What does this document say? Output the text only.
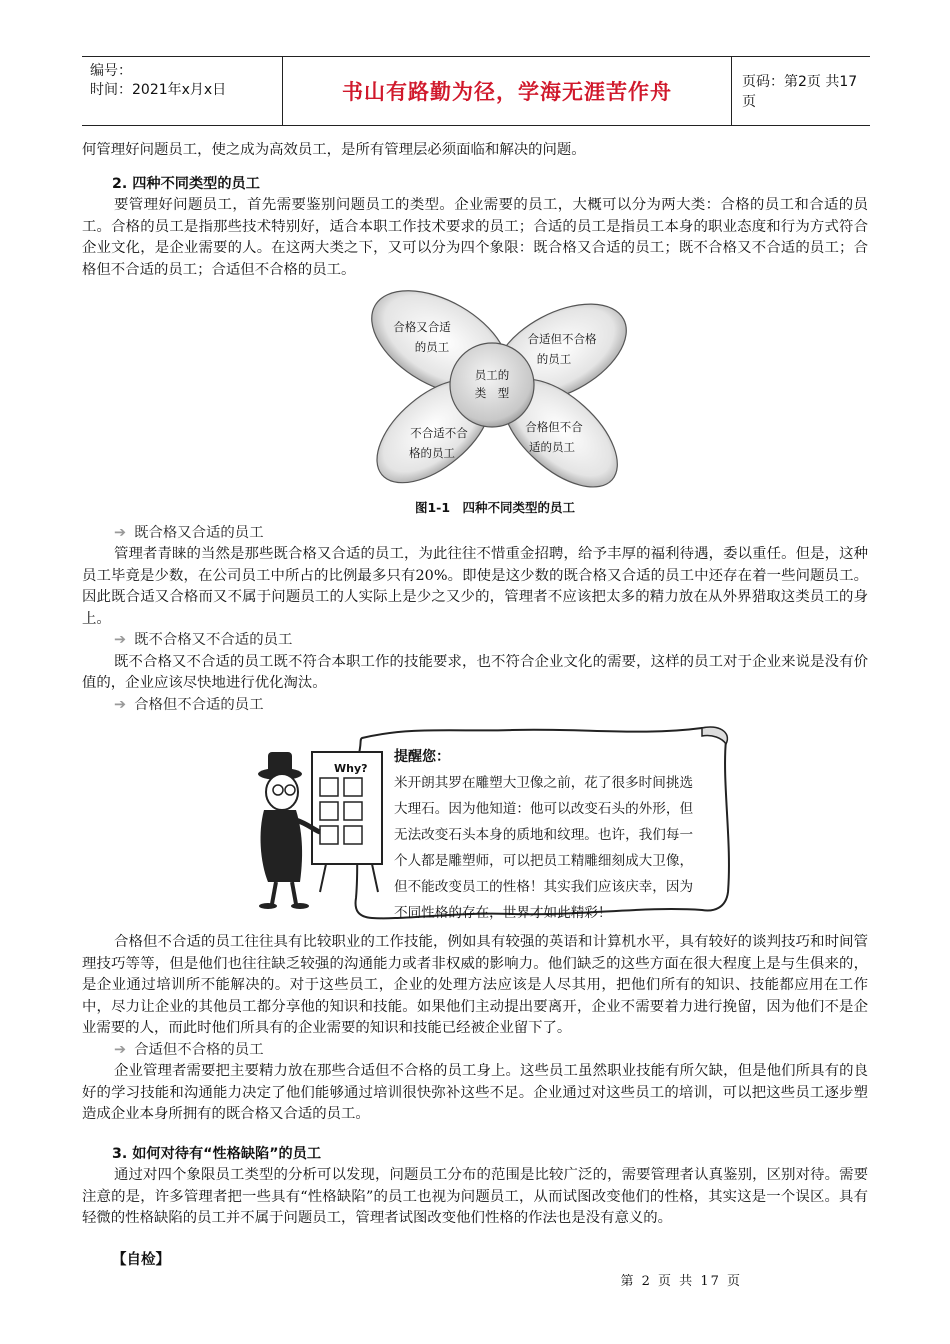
编号：
时间：2021年x月x日	书山有路勤为径，学海无涯苦作舟	页码：第2页 共17页

何管理好问题员工，使之成为高效员工，是所有管理层必须面临和解决的问题。

2. 四种不同类型的员工

要管理好问题员工，首先需要鉴别问题员工的类型。企业需要的员工，大概可以分为两大类：合格的员工和合适的员工。合格的员工是指那些技术特别好，适合本职工作技术要求的员工；合适的员工是指员工本身的职业态度和行为方式符合企业文化，是企业需要的人。在这两大类之下，又可以分为四个象限：既合格又合适的员工；既不合格又不合适的员工；合格但不合适的员工；合适但不合格的员工。

员工的
类　型
合格又合适
的员工
合适但不合格
的员工
不合适不合
格的员工
合格但不合
适的员工
图1-1　四种不同类型的员工
➔ 既合格又合适的员工

管理者青睐的当然是那些既合格又合适的员工，为此往往不惜重金招聘，给予丰厚的福利待遇，委以重任。但是，这种员工毕竟是少数，在公司员工中所占的比例最多只有20%。即使是这少数的既合格又合适的员工中还存在着一些问题员工。因此既合适又合格而又不属于问题员工的人实际上是少之又少的，管理者不应该把太多的精力放在从外界猎取这类员工的身上。

➔ 既不合格又不合适的员工

既不合格又不合适的员工既不符合本职工作的技能要求，也不符合企业文化的需要，这样的员工对于企业来说是没有价值的，企业应该尽快地进行优化淘汰。

➔ 合格但不合适的员工
Why?
提醒您：
米开朗其罗在雕塑大卫像之前，花了很多时间挑选大理石。因为他知道：他可以改变石头的外形，但无法改变石头本身的质地和纹理。也许，我们每一个人都是雕塑师，可以把员工精雕细刻成大卫像，但不能改变员工的性格！其实我们应该庆幸，因为不同性格的存在，世界才如此精彩！

合格但不合适的员工往往具有比较职业的工作技能，例如具有较强的英语和计算机水平，具有较好的谈判技巧和时间管理技巧等等，但是他们也往往缺乏较强的沟通能力或者非权威的影响力。他们缺乏的这些方面在很大程度上是与生俱来的，是企业通过培训所不能解决的。对于这些员工，企业的处理方法应该是人尽其用，把他们所有的知识、技能都应用在工作中，尽力让企业的其他员工都分享他的知识和技能。如果他们主动提出要离开，企业不需要着力进行挽留，因为他们不是企业需要的人，而此时他们所具有的企业需要的知识和技能已经被企业留下了。

➔ 合适但不合格的员工

企业管理者需要把主要精力放在那些合适但不合格的员工身上。这些员工虽然职业技能有所欠缺，但是他们所具有的良好的学习技能和沟通能力决定了他们能够通过培训很快弥补这些不足。企业通过对这些员工的培训，可以把这些员工逐步塑造成企业本身所拥有的既合格又合适的员工。

3. 如何对待有“性格缺陷”的员工

通过对四个象限员工类型的分析可以发现，问题员工分布的范围是比较广泛的，需要管理者认真鉴别，区别对待。需要注意的是，许多管理者把一些具有“性格缺陷”的员工也视为问题员工，从而试图改变他们的性格，其实这是一个误区。具有轻微的性格缺陷的员工并不属于问题员工，管理者试图改变他们性格的作法也是没有意义的。

【自检】
第 2 页 共 17 页
